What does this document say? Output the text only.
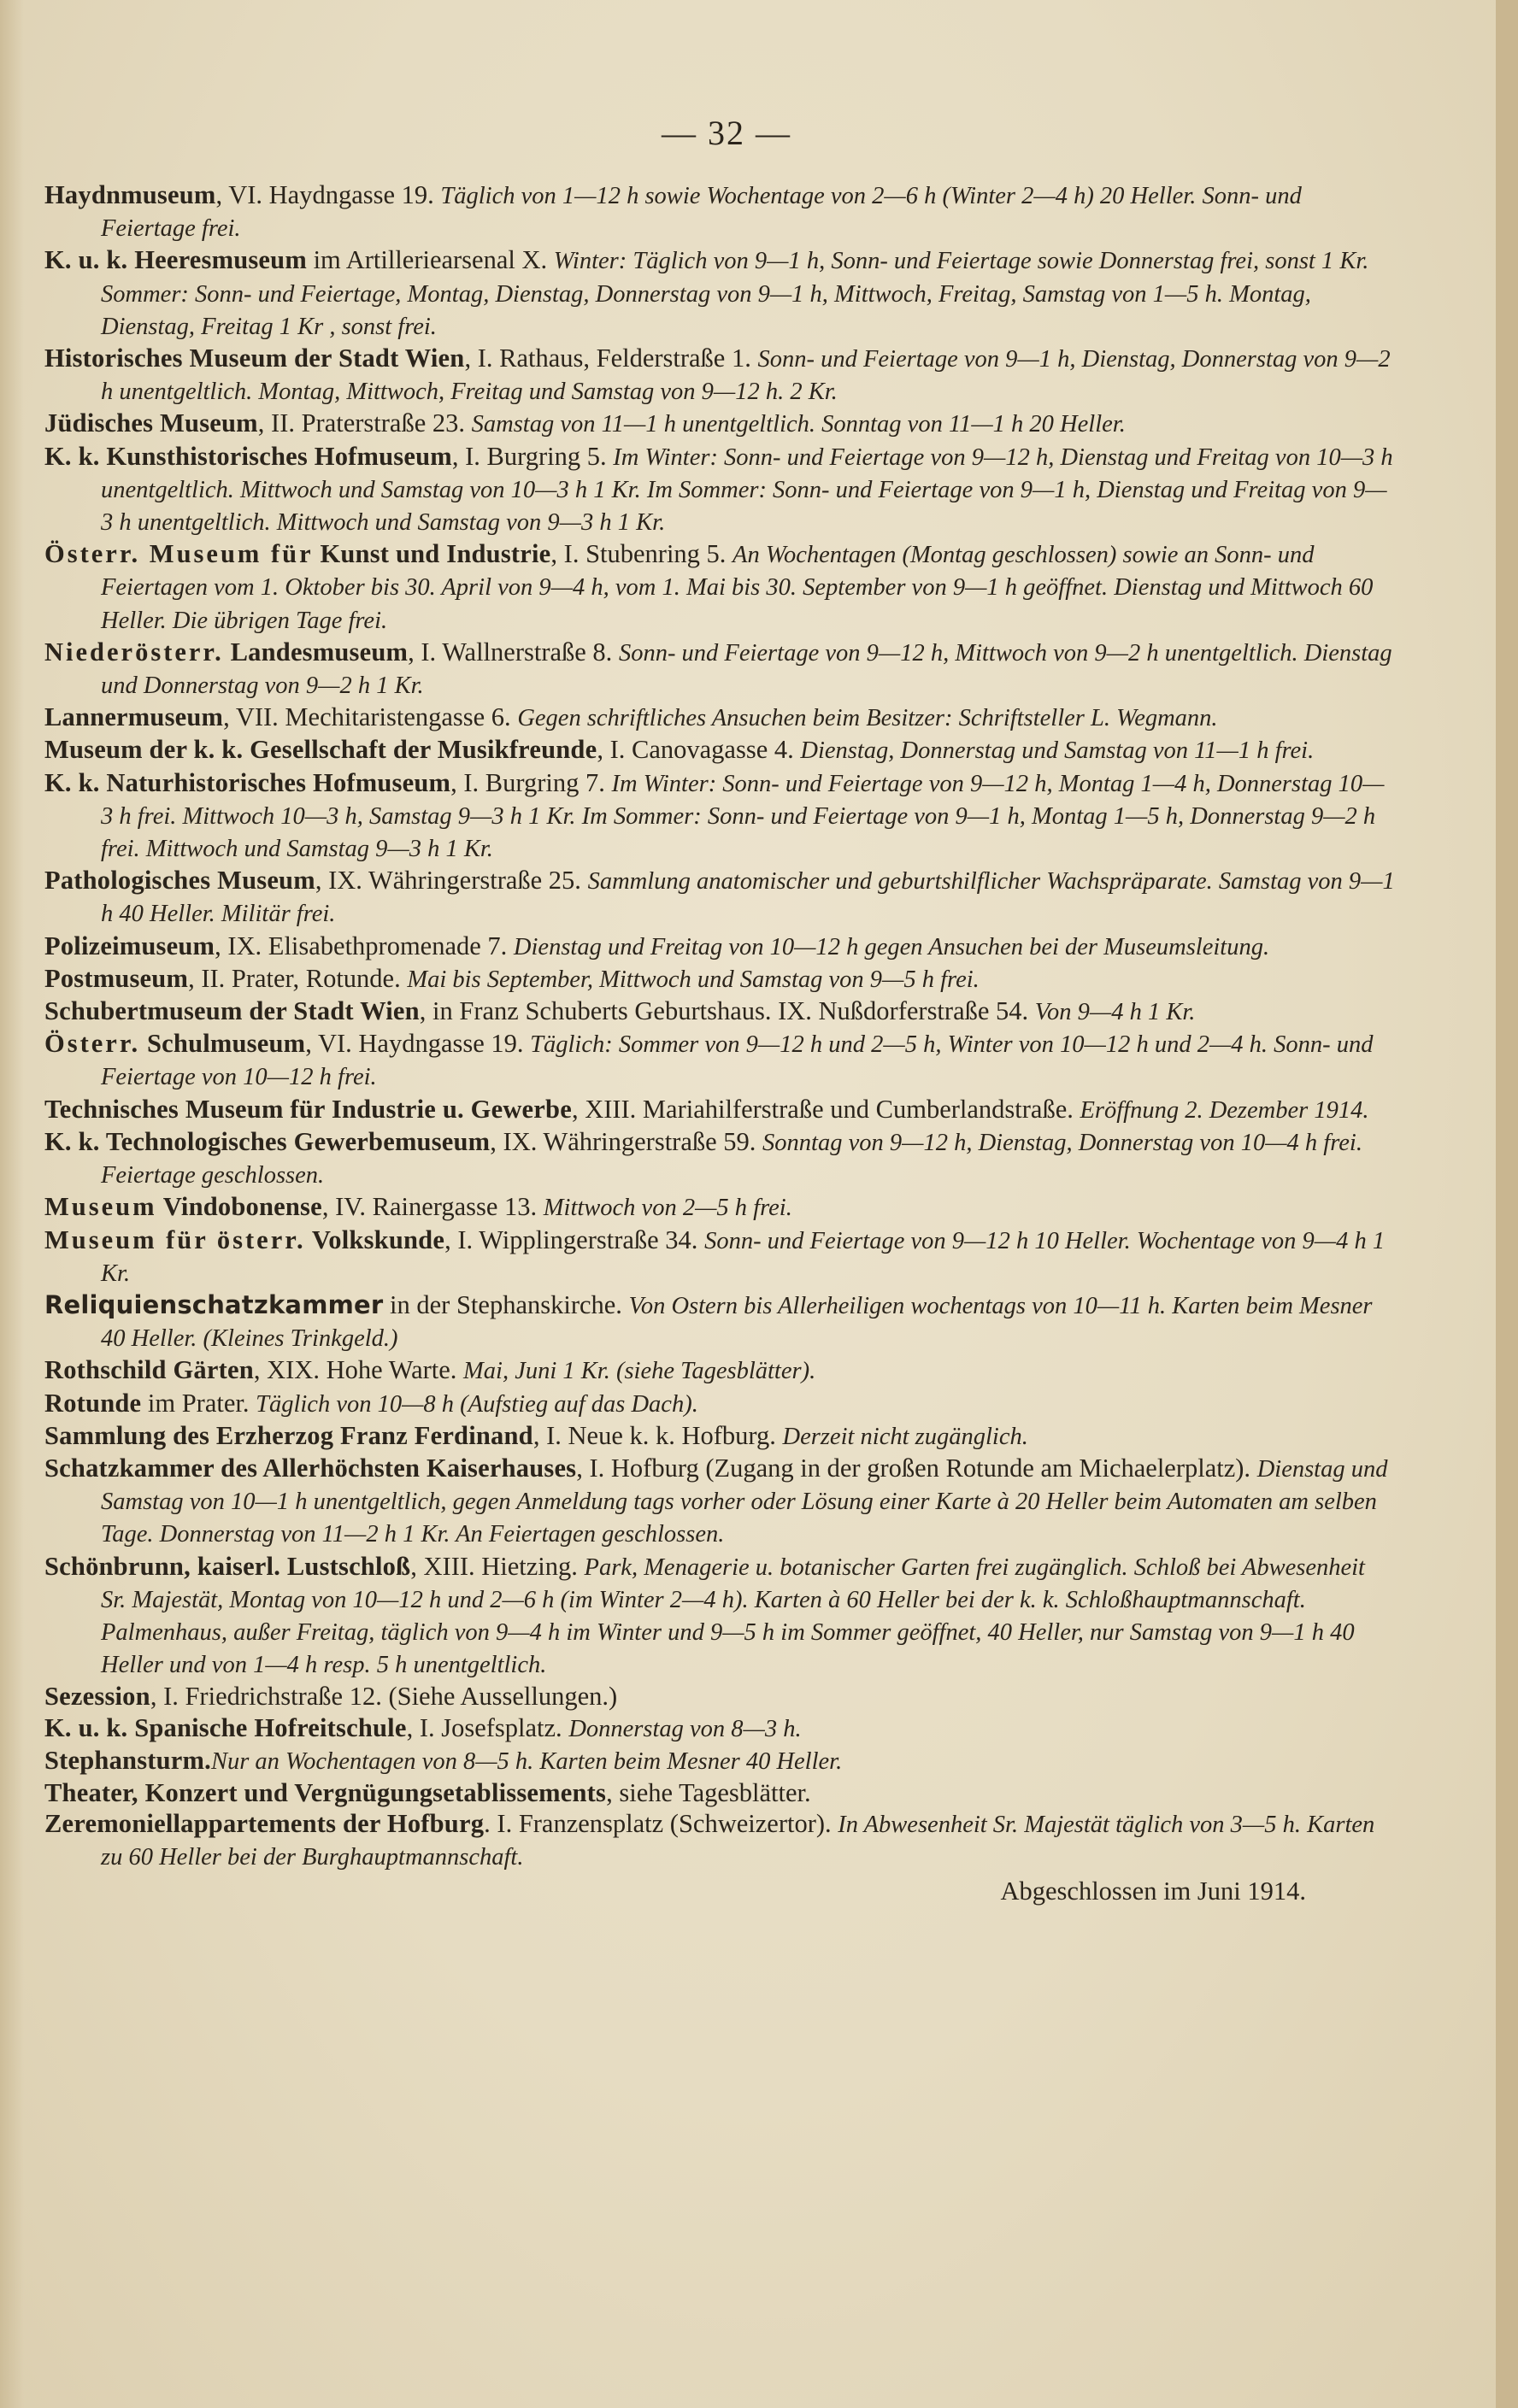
— 32 —

Haydnmuseum, VI. Haydngasse 19. Täglich von 1—12 h sowie Wochentage von 2—6 h (Winter 2—4 h) 20 Heller. Sonn- und Feiertage frei.

K. u. k. Heeresmuseum im Artilleriearsenal X. Winter: Täglich von 9—1 h, Sonn- und Feiertage sowie Donnerstag frei, sonst 1 Kr. Sommer: Sonn- und Feiertage, Montag, Dienstag, Donnerstag von 9—1 h, Mittwoch, Freitag, Samstag von 1—5 h. Montag, Dienstag, Freitag 1 Kr , sonst frei.

Historisches Museum der Stadt Wien, I. Rathaus, Felderstraße 1. Sonn- und Feiertage von 9—1 h, Dienstag, Donnerstag von 9—2 h unentgeltlich. Montag, Mittwoch, Freitag und Samstag von 9—12 h. 2 Kr.

Jüdisches Museum, II. Praterstraße 23. Samstag von 11—1 h unentgeltlich. Sonntag von 11—1 h 20 Heller.

K. k. Kunsthistorisches Hofmuseum, I. Burgring 5. Im Winter: Sonn- und Feiertage von 9—12 h, Dienstag und Freitag von 10—3 h unentgeltlich. Mittwoch und Samstag von 10—3 h 1 Kr. Im Sommer: Sonn- und Feiertage von 9—1 h, Dienstag und Freitag von 9—3 h unentgeltlich. Mittwoch und Samstag von 9—3 h 1 Kr.

Österr. Museum für Kunst und Industrie, I. Stubenring 5. An Wochentagen (Montag geschlossen) sowie an Sonn- und Feiertagen vom 1. Oktober bis 30. April von 9—4 h, vom 1. Mai bis 30. September von 9—1 h geöffnet. Dienstag und Mittwoch 60 Heller. Die übrigen Tage frei.

Niederösterr. Landesmuseum, I. Wallnerstraße 8. Sonn- und Feiertage von 9—12 h, Mittwoch von 9—2 h unentgeltlich. Dienstag und Donnerstag von 9—2 h 1 Kr.

Lannermuseum, VII. Mechitaristengasse 6. Gegen schriftliches Ansuchen beim Besitzer: Schriftsteller L. Wegmann.

Museum der k. k. Gesellschaft der Musikfreunde, I. Canovagasse 4. Dienstag, Donnerstag und Samstag von 11—1 h frei.

K. k. Naturhistorisches Hofmuseum, I. Burgring 7. Im Winter: Sonn- und Feiertage von 9—12 h, Montag 1—4 h, Donnerstag 10—3 h frei. Mittwoch 10—3 h, Samstag 9—3 h 1 Kr. Im Sommer: Sonn- und Feiertage von 9—1 h, Montag 1—5 h, Donnerstag 9—2 h frei. Mittwoch und Samstag 9—3 h 1 Kr.

Pathologisches Museum, IX. Währingerstraße 25. Sammlung anatomischer und geburtshilflicher Wachspräparate. Samstag von 9—1 h 40 Heller. Militär frei.

Polizeimuseum, IX. Elisabethpromenade 7. Dienstag und Freitag von 10—12 h gegen Ansuchen bei der Museumsleitung.

Postmuseum, II. Prater, Rotunde. Mai bis September, Mittwoch und Samstag von 9—5 h frei.

Schubertmuseum der Stadt Wien, in Franz Schuberts Geburtshaus. IX. Nußdorferstraße 54. Von 9—4 h 1 Kr.

Österr. Schulmuseum, VI. Haydngasse 19. Täglich: Sommer von 9—12 h und 2—5 h, Winter von 10—12 h und 2—4 h. Sonn- und Feiertage von 10—12 h frei.

Technisches Museum für Industrie u. Gewerbe, XIII. Mariahilferstraße und Cumberlandstraße. Eröffnung 2. Dezember 1914.

K. k. Technologisches Gewerbemuseum, IX. Währingerstraße 59. Sonntag von 9—12 h, Dienstag, Donnerstag von 10—4 h frei. Feiertage geschlossen.

Museum Vindobonense, IV. Rainergasse 13. Mittwoch von 2—5 h frei.

Museum für österr. Volkskunde, I. Wipplingerstraße 34. Sonn- und Feiertage von 9—12 h 10 Heller. Wochentage von 9—4 h 1 Kr.

Reliquienschatzkammer in der Stephanskirche. Von Ostern bis Allerheiligen wochentags von 10—11 h. Karten beim Mesner 40 Heller. (Kleines Trinkgeld.)

Rothschild Gärten, XIX. Hohe Warte. Mai, Juni 1 Kr. (siehe Tagesblätter).

Rotunde im Prater. Täglich von 10—8 h (Aufstieg auf das Dach).

Sammlung des Erzherzog Franz Ferdinand, I. Neue k. k. Hofburg. Derzeit nicht zugänglich.

Schatzkammer des Allerhöchsten Kaiserhauses, I. Hofburg (Zugang in der großen Rotunde am Michaelerplatz). Dienstag und Samstag von 10—1 h unentgeltlich, gegen Anmeldung tags vorher oder Lösung einer Karte à 20 Heller beim Automaten am selben Tage. Donnerstag von 11—2 h 1 Kr. An Feiertagen geschlossen.

Schönbrunn, kaiserl. Lustschloß, XIII. Hietzing. Park, Menagerie u. botanischer Garten frei zugänglich. Schloß bei Abwesenheit Sr. Majestät, Montag von 10—12 h und 2—6 h (im Winter 2—4 h). Karten à 60 Heller bei der k. k. Schloßhauptmannschaft. Palmenhaus, außer Freitag, täglich von 9—4 h im Winter und 9—5 h im Sommer geöffnet, 40 Heller, nur Samstag von 9—1 h 40 Heller und von 1—4 h resp. 5 h unentgeltlich.

Sezession, I. Friedrichstraße 12. (Siehe Aussellungen.)

K. u. k. Spanische Hofreitschule, I. Josefsplatz. Donnerstag von 8—3 h.

Stephansturm.Nur an Wochentagen von 8—5 h. Karten beim Mesner 40 Heller.

Theater, Konzert und Vergnügungsetablissements, siehe Tagesblätter.

Zeremoniellappartements der Hofburg. I. Franzensplatz (Schweizertor). In Abwesenheit Sr. Majestät täglich von 3—5 h. Karten zu 60 Heller bei der Burghauptmannschaft.

Abgeschlossen im Juni 1914.
